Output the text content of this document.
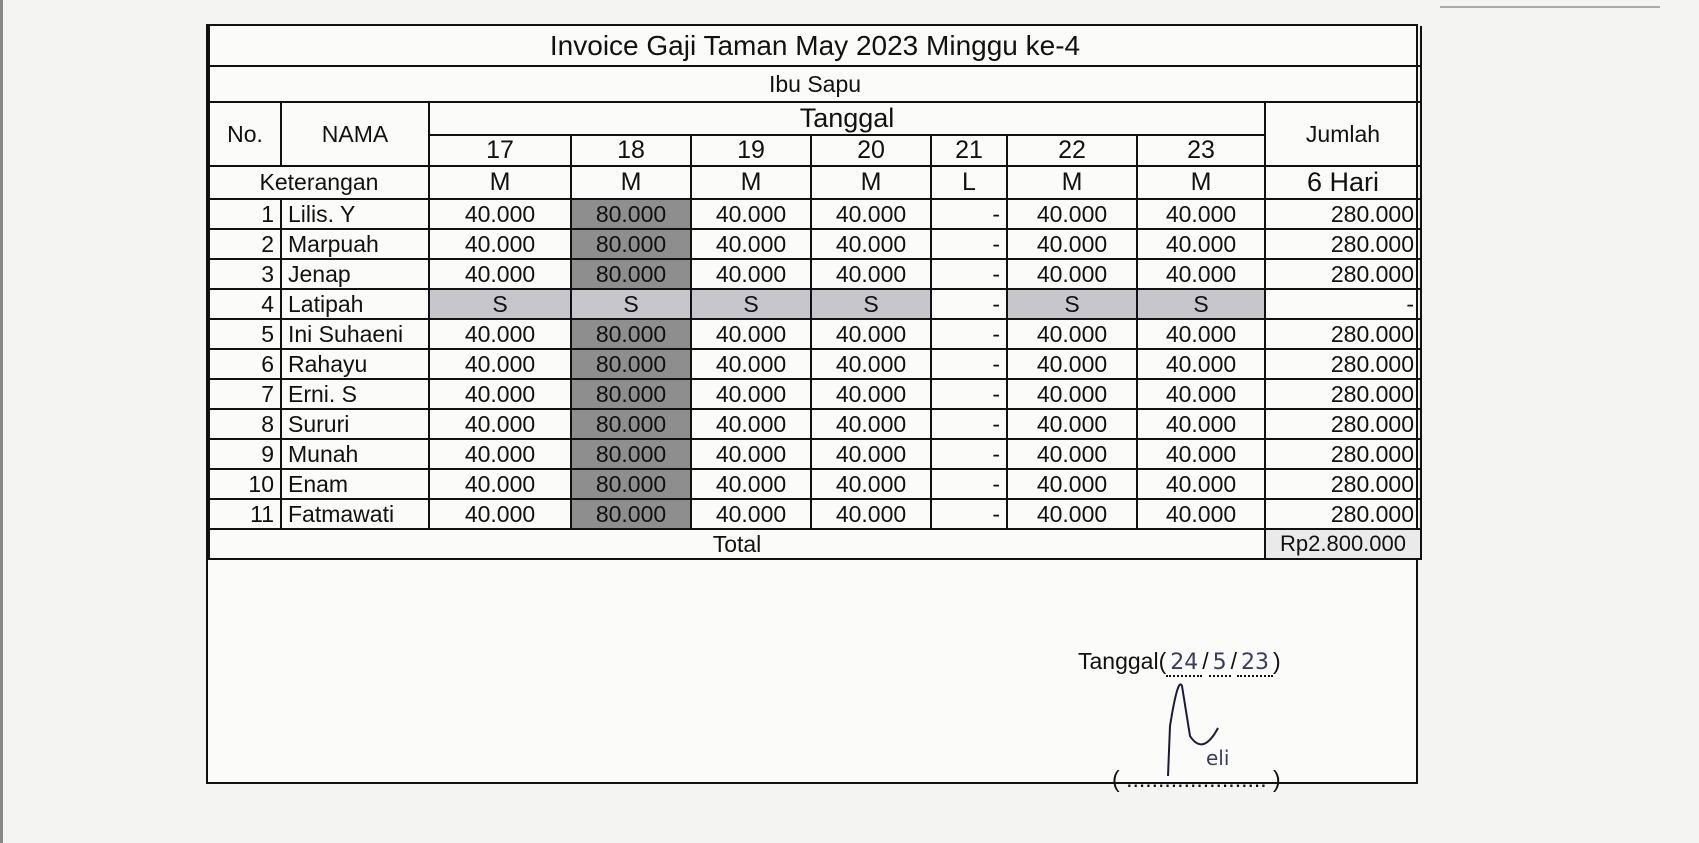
Invoice Gaji Taman May 2023 Minggu ke-4									
Ibu Sapu									
No.	NAMA	Tanggal							Jumlah
		17	18	19	20	21	22	23	
Keterangan		M	M	M	M	L	M	M	6 Hari
1	Lilis. Y	40.000	80.000	40.000	40.000	-	40.000	40.000	280.000
2	Marpuah	40.000	80.000	40.000	40.000	-	40.000	40.000	280.000
3	Jenap	40.000	80.000	40.000	40.000	-	40.000	40.000	280.000
4	Latipah	S	S	S	S	-	S	S	-
5	Ini Suhaeni	40.000	80.000	40.000	40.000	-	40.000	40.000	280.000
6	Rahayu	40.000	80.000	40.000	40.000	-	40.000	40.000	280.000
7	Erni. S	40.000	80.000	40.000	40.000	-	40.000	40.000	280.000
8	Sururi	40.000	80.000	40.000	40.000	-	40.000	40.000	280.000
9	Munah	40.000	80.000	40.000	40.000	-	40.000	40.000	280.000
10	Enam	40.000	80.000	40.000	40.000	-	40.000	40.000	280.000
11	Fatmawati	40.000	80.000	40.000	40.000	-	40.000	40.000	280.000
Total									Rp2.800.000
Tanggal( 24 / 5 / 23 )
eli
( ...................... )
